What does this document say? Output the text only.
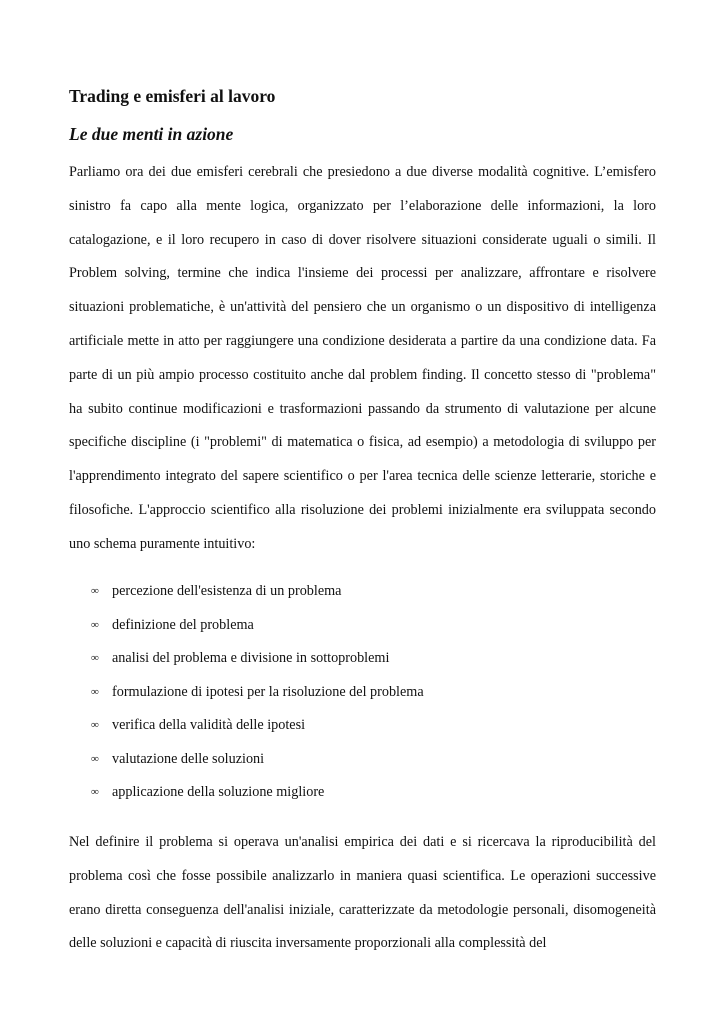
Trading e emisferi al lavoro
Le due menti in azione

Parliamo ora dei due emisferi cerebrali che presiedono a due diverse modalità cognitive. L’emisfero sinistro fa capo alla mente logica, organizzato per l’elaborazione delle informazioni, la loro catalogazione, e il loro recupero in caso di dover risolvere situazioni considerate uguali o simili. Il Problem solving, termine che indica l'insieme dei processi per analizzare, affrontare e risolvere situazioni problematiche, è un'attività del pensiero che un organismo o un dispositivo di intelligenza artificiale mette in atto per raggiungere una condizione desiderata a partire da una condizione data. Fa parte di un più ampio processo costituito anche dal problem finding. Il concetto stesso di "problema" ha subito continue modificazioni e trasformazioni passando da strumento di valutazione per alcune specifiche discipline (i "problemi" di matematica o fisica, ad esempio) a metodologia di sviluppo per l'apprendimento integrato del sapere scientifico o per l'area tecnica delle scienze letterarie, storiche e filosofiche. L'approccio scientifico alla risoluzione dei problemi inizialmente era sviluppata secondo uno schema puramente intuitivo:

∞ percezione dell'esistenza di un problema
∞ definizione del problema
∞ analisi del problema e divisione in sottoproblemi
∞ formulazione di ipotesi per la risoluzione del problema
∞ verifica della validità delle ipotesi
∞ valutazione delle soluzioni
∞ applicazione della soluzione migliore

Nel definire il problema si operava un'analisi empirica dei dati e si ricercava la riproducibilità del problema così che fosse possibile analizzarlo in maniera quasi scientifica. Le operazioni successive erano diretta conseguenza dell'analisi iniziale, caratterizzate da metodologie personali, disomogeneità delle soluzioni e capacità di riuscita inversamente proporzionali alla complessità del
